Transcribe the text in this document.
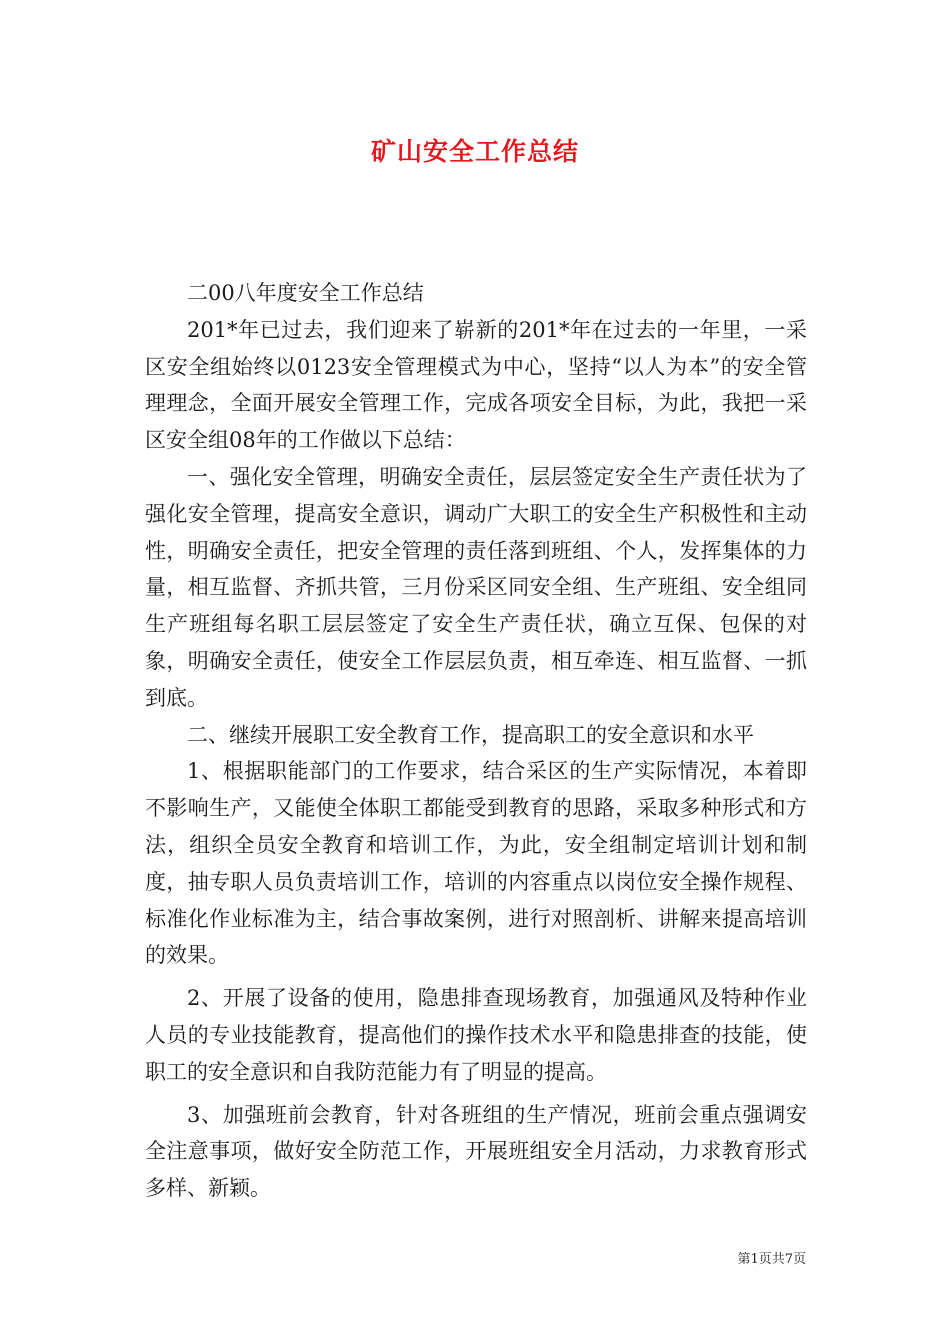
矿山安全工作总结

二00八年度安全工作总结

201*年已过去，我们迎来了崭新的201*年在过去的一年里，一采区安全组始终以0123安全管理模式为中心，坚持“以人为本”的安全管理理念，全面开展安全管理工作，完成各项安全目标，为此，我把一采区安全组08年的工作做以下总结：

一、强化安全管理，明确安全责任，层层签定安全生产责任状为了强化安全管理，提高安全意识，调动广大职工的安全生产积极性和主动性，明确安全责任，把安全管理的责任落到班组、个人，发挥集体的力量，相互监督、齐抓共管，三月份采区同安全组、生产班组、安全组同生产班组每名职工层层签定了安全生产责任状，确立互保、包保的对象，明确安全责任，使安全工作层层负责，相互牵连、相互监督、一抓到底。

二、继续开展职工安全教育工作，提高职工的安全意识和水平

1、根据职能部门的工作要求，结合采区的生产实际情况，本着即不影响生产，又能使全体职工都能受到教育的思路，采取多种形式和方法，组织全员安全教育和培训工作，为此，安全组制定培训计划和制度，抽专职人员负责培训工作，培训的内容重点以岗位安全操作规程、标准化作业标准为主，结合事故案例，进行对照剖析、讲解来提高培训的效果。

2、开展了设备的使用，隐患排查现场教育，加强通风及特种作业人员的专业技能教育，提高他们的操作技术水平和隐患排查的技能，使职工的安全意识和自我防范能力有了明显的提高。

3、加强班前会教育，针对各班组的生产情况，班前会重点强调安全注意事项，做好安全防范工作，开展班组安全月活动，力求教育形式多样、新颖。

第1页共7页
